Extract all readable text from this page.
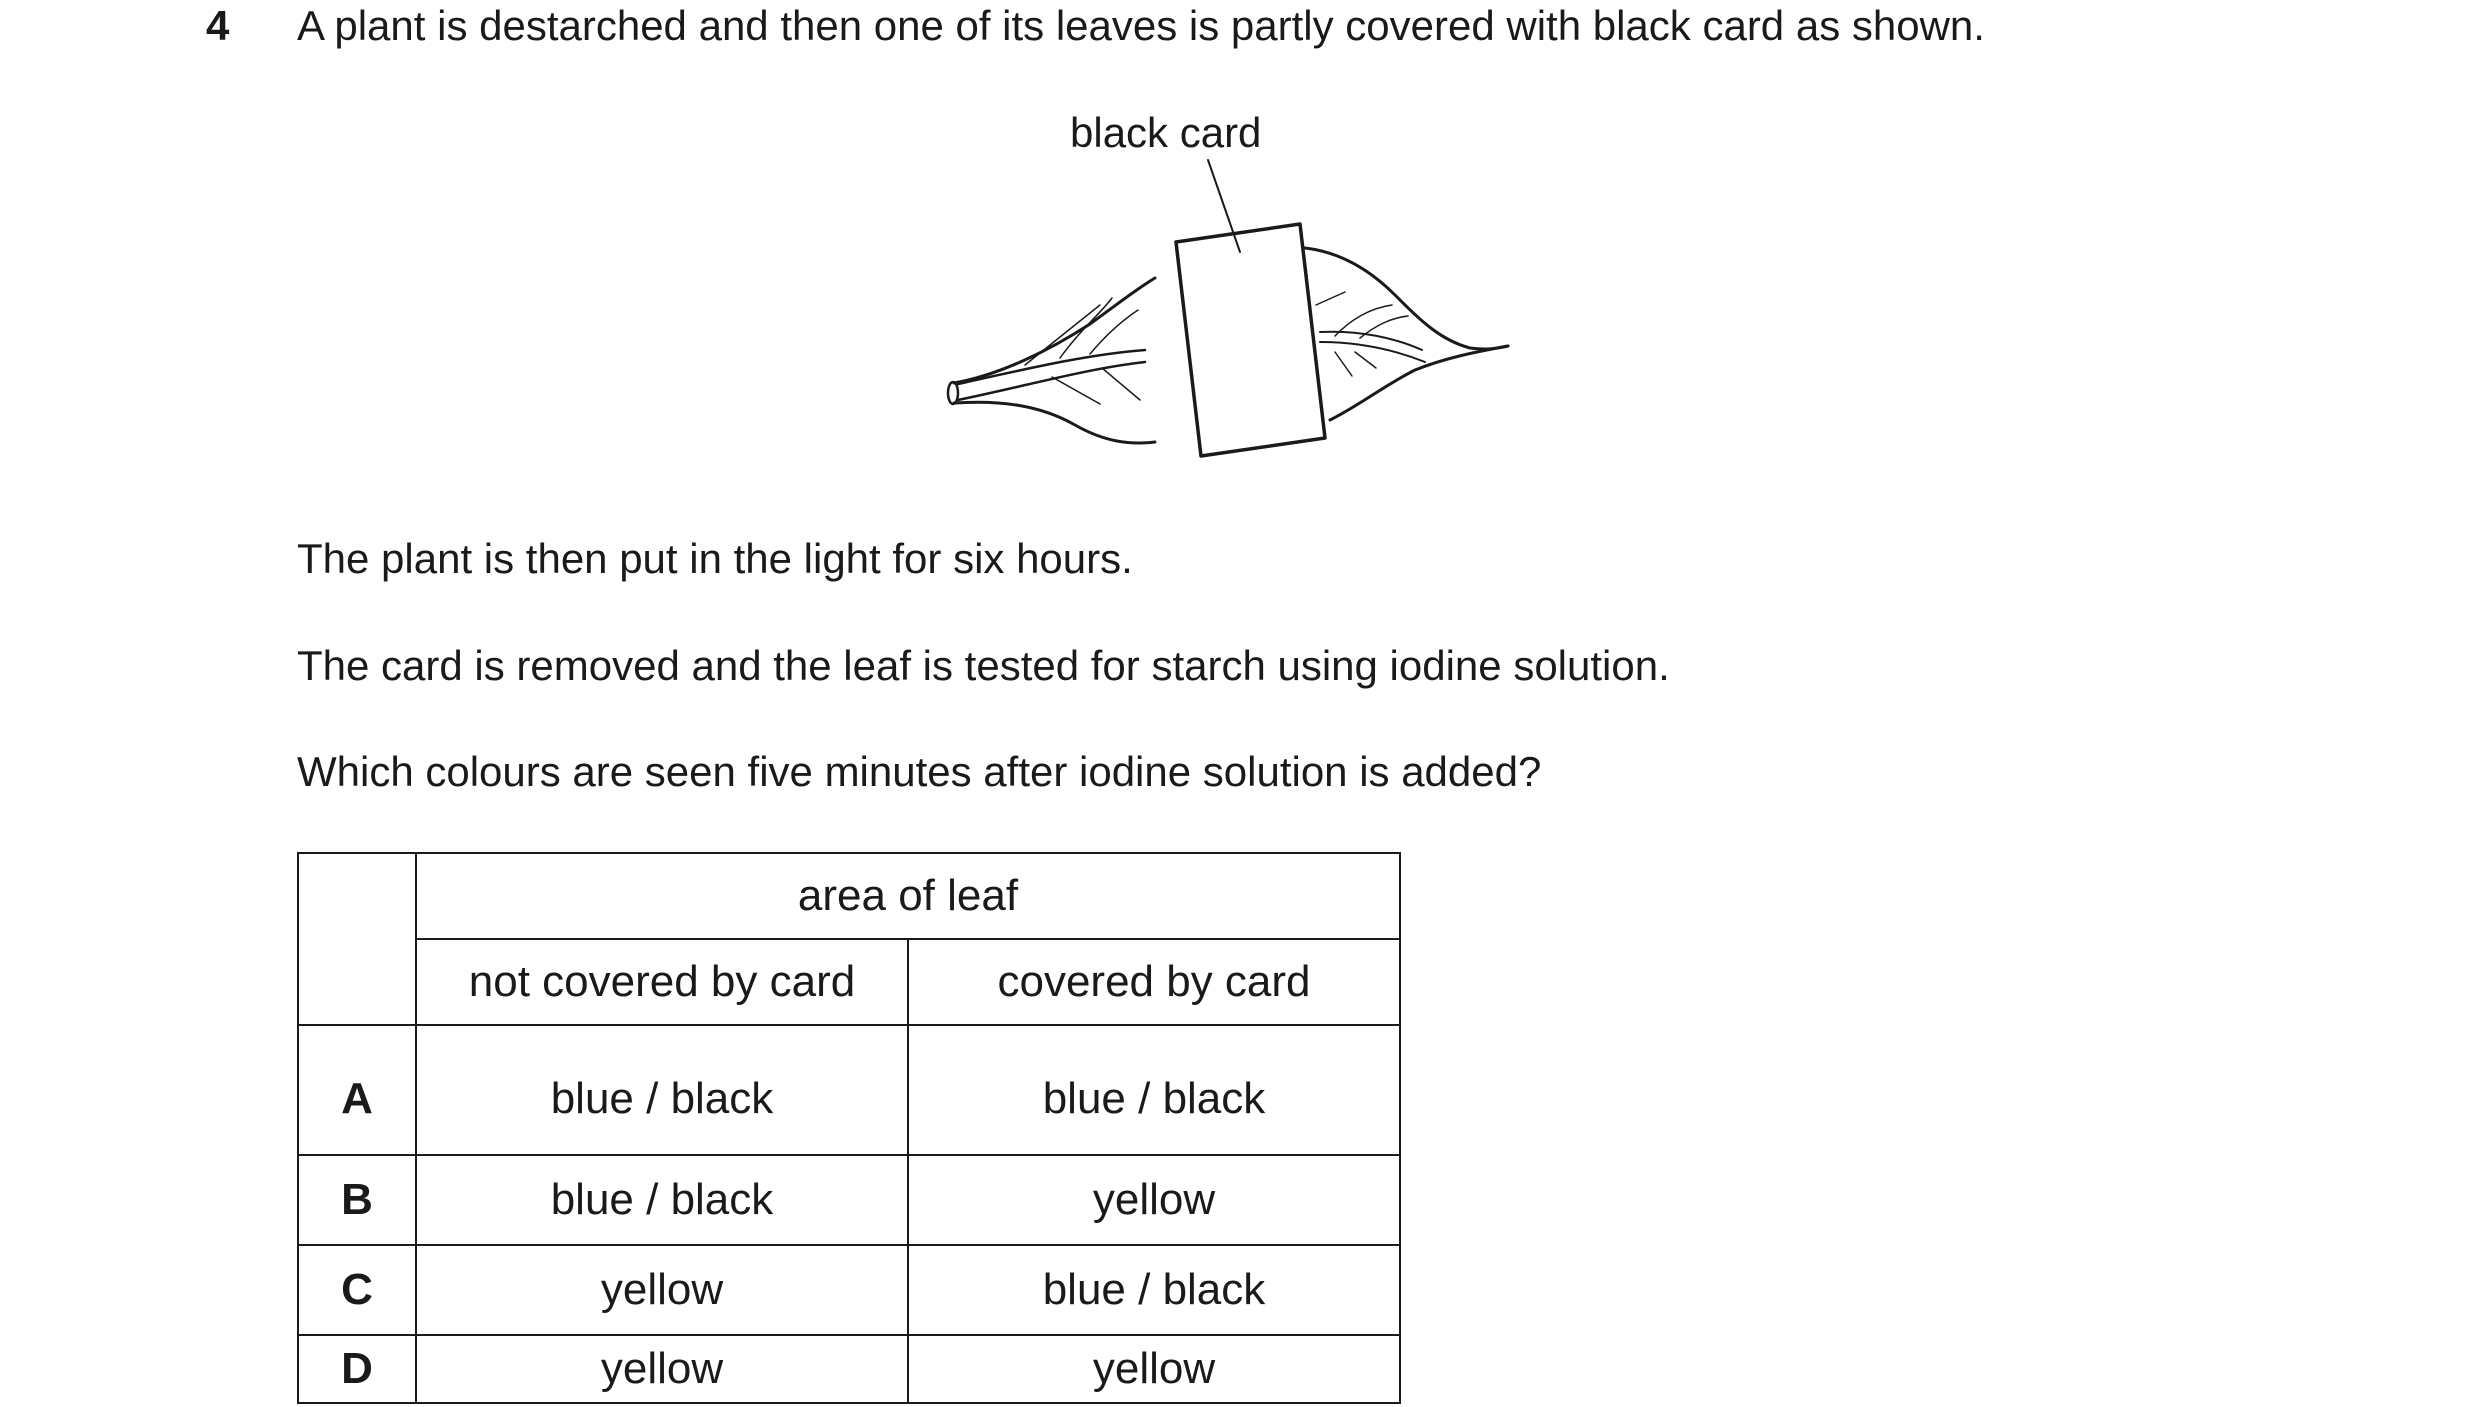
4 A plant is destarched and then one of its leaves is partly covered with black card as shown.
black card
The plant is then put in the light for six hours.
The card is removed and the leaf is tested for starch using iodine solution.
Which colours are seen five minutes after iodine solution is added?
	area of leaf	
	not covered by card	covered by card
A	blue / black	blue / black
B	blue / black	yellow
C	yellow	blue / black
D	yellow	yellow
